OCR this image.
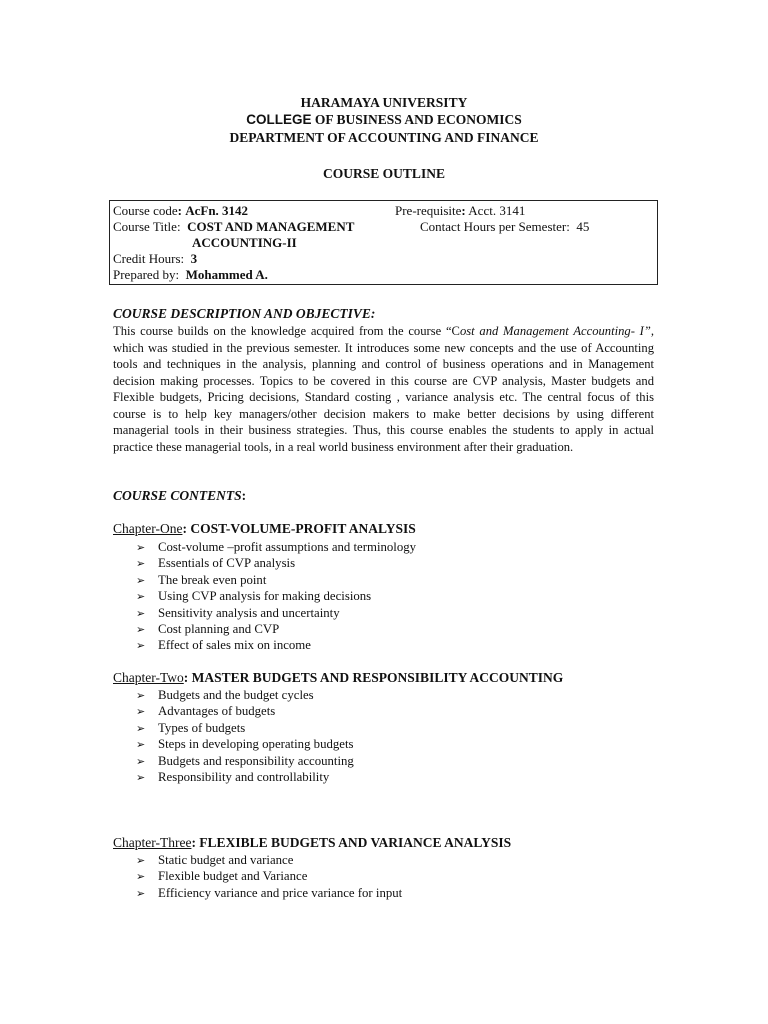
HARAMAYA UNIVERSITY
COLLEGE OF BUSINESS AND ECONOMICS
DEPARTMENT OF ACCOUNTING AND FINANCE
COURSE OUTLINE
Course code: AcFn. 3142	Pre-requisite: Acct. 3141
Course Title:  COST AND MANAGEMENT
ACCOUNTING-II
Contact Hours per Semester: 45
Credit Hours:  3
Prepared by:  Mohammed A.
COURSE DESCRIPTION AND OBJECTIVE:
This course builds on the knowledge acquired from the course “Cost and Management Accounting- I”, which was studied in the previous semester. It introduces some new concepts and the use of Accounting tools and techniques in the analysis, planning and control of business operations and in Management decision making processes. Topics to be covered in this course are CVP analysis, Master budgets and Flexible budgets, Pricing decisions, Standard costing , variance analysis etc. The central focus of this course is to help key managers/other decision makers to make better decisions by using different managerial tools in their business strategies. Thus, this course enables the students to apply in actual practice these managerial tools, in a real world business environment after their graduation.
COURSE CONTENTS:
Chapter-One: COST-VOLUME-PROFIT ANALYSIS
➢ Cost-volume –profit assumptions and terminology
➢ Essentials of CVP analysis
➢ The break even point
➢ Using CVP analysis for making decisions
➢ Sensitivity analysis and uncertainty
➢ Cost planning and CVP
➢ Effect of sales mix on income
Chapter-Two: MASTER BUDGETS AND RESPONSIBILITY ACCOUNTING
➢ Budgets and the budget cycles
➢ Advantages of budgets
➢ Types of budgets
➢ Steps in developing operating budgets
➢ Budgets and responsibility accounting
➢ Responsibility and controllability
Chapter-Three: FLEXIBLE BUDGETS AND VARIANCE ANALYSIS
➢ Static budget and variance
➢ Flexible budget and Variance
➢ Efficiency variance and price variance for input
